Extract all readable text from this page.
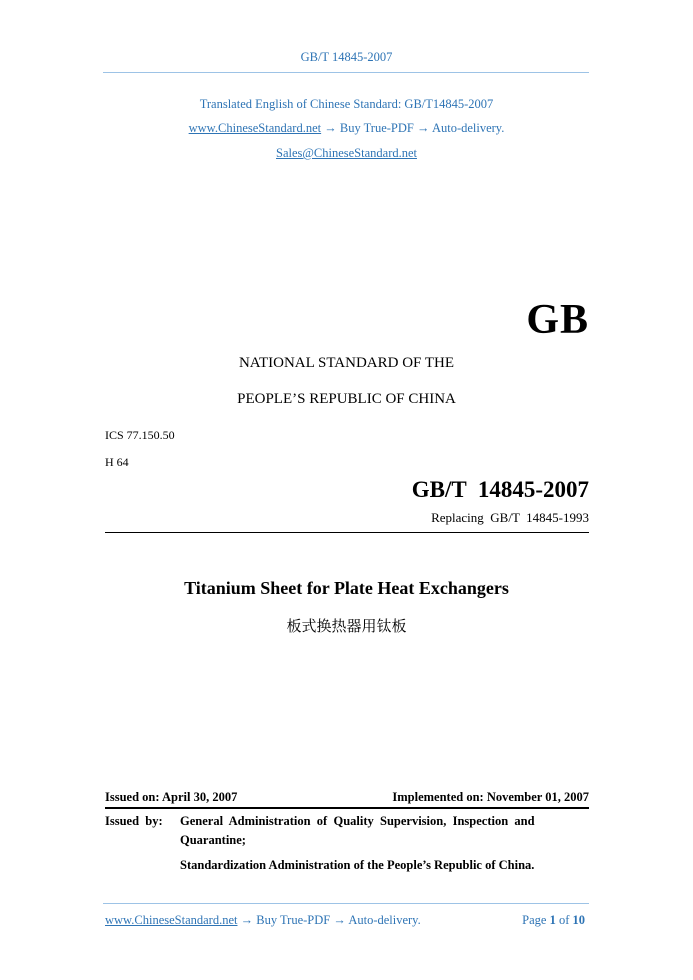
GB/T 14845-2007
Translated English of Chinese Standard: GB/T14845-2007
www.ChineseStandard.net → Buy True-PDF → Auto-delivery.
Sales@ChineseStandard.net
GB
NATIONAL STANDARD OF THE
PEOPLE’S REPUBLIC OF CHINA
ICS 77.150.50
H 64
GB/T  14845-2007
Replacing  GB/T  14845-1993
Titanium Sheet for Plate Heat Exchangers
板式换热器用钛板
Issued on: April 30, 2007	Implemented on: November 01, 2007
Issued  by: General  Administration  of  Quality  Supervision,  Inspection  and
Quarantine;
Standardization Administration of the People’s Republic of China.
www.ChineseStandard.net → Buy True-PDF → Auto-delivery.	Page 1 of 10
